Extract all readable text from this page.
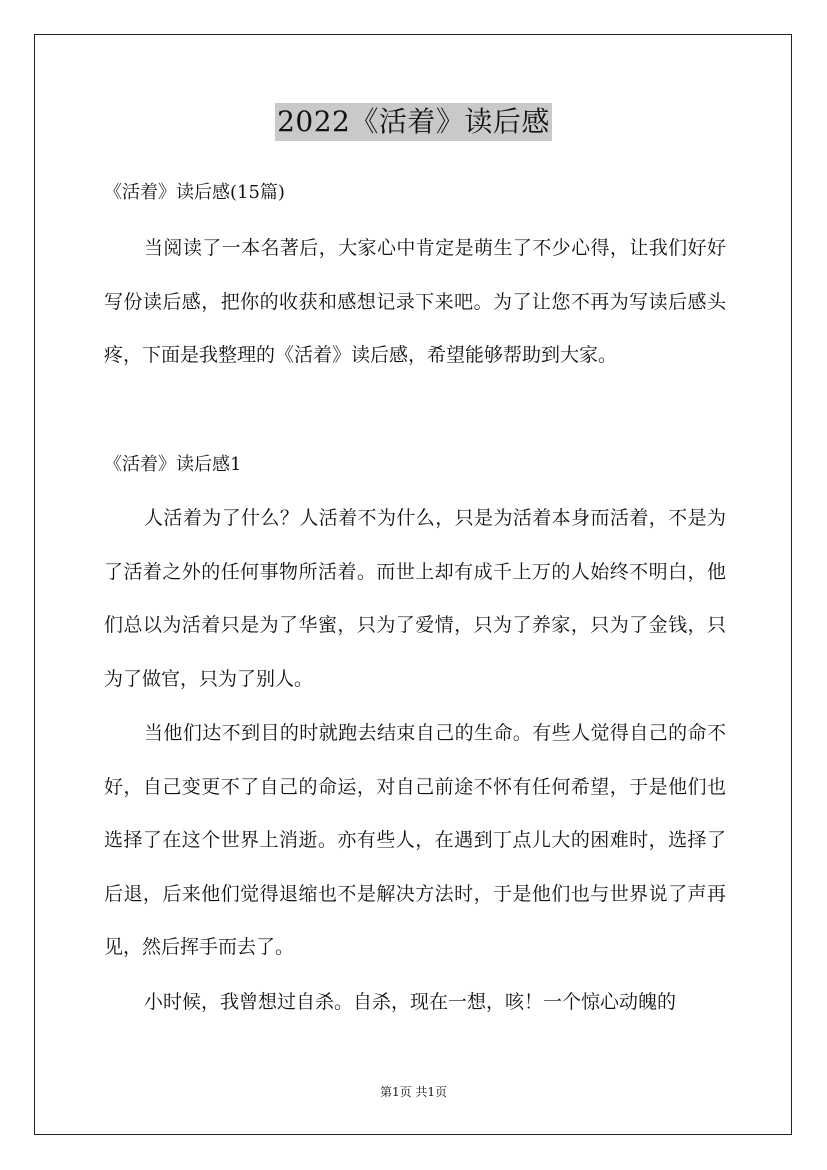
2022《活着》读后感
《活着》读后感(15篇)

当阅读了一本名著后，大家心中肯定是萌生了不少心得，让我们好好写份读后感，把你的收获和感想记录下来吧。为了让您不再为写读后感头疼，下面是我整理的《活着》读后感，希望能够帮助到大家。

《活着》读后感1

人活着为了什么？人活着不为什么，只是为活着本身而活着，不是为了活着之外的任何事物所活着。而世上却有成千上万的人始终不明白，他们总以为活着只是为了华蜜，只为了爱情，只为了养家，只为了金钱，只为了做官，只为了别人。

当他们达不到目的时就跑去结束自己的生命。有些人觉得自己的命不好，自己变更不了自己的命运，对自己前途不怀有任何希望，于是他们也选择了在这个世界上消逝。亦有些人，在遇到丁点儿大的困难时，选择了后退，后来他们觉得退缩也不是解决方法时，于是他们也与世界说了声再见，然后挥手而去了。

小时候，我曾想过自杀。自杀，现在一想，咳！一个惊心动魄的

第1页 共1页
